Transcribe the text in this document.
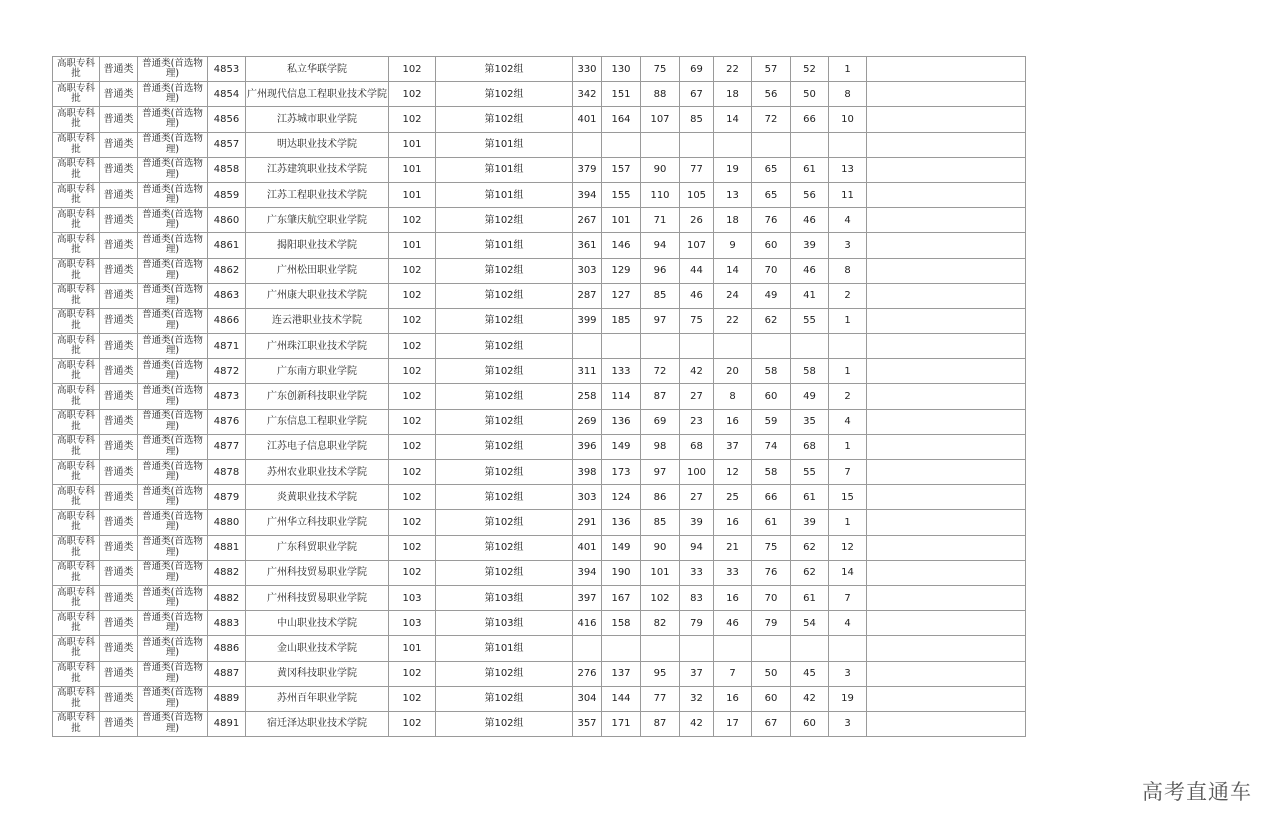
高职专科批	普通类	普通类(首选物理)	4853	私立华联学院	102	第102组	330	130	75	69	22	57	52	1	
高职专科批	普通类	普通类(首选物理)	4854	广州现代信息工程职业技术学院	102	第102组	342	151	88	67	18	56	50	8	
高职专科批	普通类	普通类(首选物理)	4856	江苏城市职业学院	102	第102组	401	164	107	85	14	72	66	10	
高职专科批	普通类	普通类(首选物理)	4857	明达职业技术学院	101	第101组									
高职专科批	普通类	普通类(首选物理)	4858	江苏建筑职业技术学院	101	第101组	379	157	90	77	19	65	61	13	
高职专科批	普通类	普通类(首选物理)	4859	江苏工程职业技术学院	101	第101组	394	155	110	105	13	65	56	11	
高职专科批	普通类	普通类(首选物理)	4860	广东肇庆航空职业学院	102	第102组	267	101	71	26	18	76	46	4	
高职专科批	普通类	普通类(首选物理)	4861	揭阳职业技术学院	101	第101组	361	146	94	107	9	60	39	3	
高职专科批	普通类	普通类(首选物理)	4862	广州松田职业学院	102	第102组	303	129	96	44	14	70	46	8	
高职专科批	普通类	普通类(首选物理)	4863	广州康大职业技术学院	102	第102组	287	127	85	46	24	49	41	2	
高职专科批	普通类	普通类(首选物理)	4866	连云港职业技术学院	102	第102组	399	185	97	75	22	62	55	1	
高职专科批	普通类	普通类(首选物理)	4871	广州珠江职业技术学院	102	第102组									
高职专科批	普通类	普通类(首选物理)	4872	广东南方职业学院	102	第102组	311	133	72	42	20	58	58	1	
高职专科批	普通类	普通类(首选物理)	4873	广东创新科技职业学院	102	第102组	258	114	87	27	8	60	49	2	
高职专科批	普通类	普通类(首选物理)	4876	广东信息工程职业学院	102	第102组	269	136	69	23	16	59	35	4	
高职专科批	普通类	普通类(首选物理)	4877	江苏电子信息职业学院	102	第102组	396	149	98	68	37	74	68	1	
高职专科批	普通类	普通类(首选物理)	4878	苏州农业职业技术学院	102	第102组	398	173	97	100	12	58	55	7	
高职专科批	普通类	普通类(首选物理)	4879	炎黄职业技术学院	102	第102组	303	124	86	27	25	66	61	15	
高职专科批	普通类	普通类(首选物理)	4880	广州华立科技职业学院	102	第102组	291	136	85	39	16	61	39	1	
高职专科批	普通类	普通类(首选物理)	4881	广东科贸职业学院	102	第102组	401	149	90	94	21	75	62	12	
高职专科批	普通类	普通类(首选物理)	4882	广州科技贸易职业学院	102	第102组	394	190	101	33	33	76	62	14	
高职专科批	普通类	普通类(首选物理)	4882	广州科技贸易职业学院	103	第103组	397	167	102	83	16	70	61	7	
高职专科批	普通类	普通类(首选物理)	4883	中山职业技术学院	103	第103组	416	158	82	79	46	79	54	4	
高职专科批	普通类	普通类(首选物理)	4886	金山职业技术学院	101	第101组									
高职专科批	普通类	普通类(首选物理)	4887	黄冈科技职业学院	102	第102组	276	137	95	37	7	50	45	3	
高职专科批	普通类	普通类(首选物理)	4889	苏州百年职业学院	102	第102组	304	144	77	32	16	60	42	19	
高职专科批	普通类	普通类(首选物理)	4891	宿迁泽达职业技术学院	102	第102组	357	171	87	42	17	67	60	3	
高考直通车
